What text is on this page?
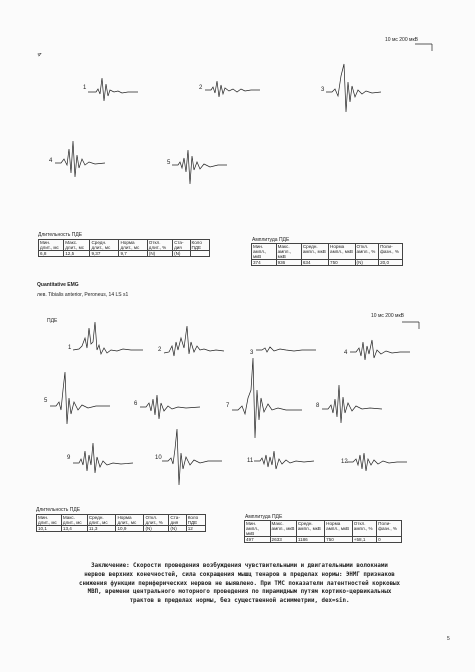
10 мс 200 мкВ
4
1	2	3
4	5
Длительность ПДЕ
Мин. длит., мс	Макс. длит., мс	Средн. длит., мс	Норма длит., мс	Откл. длит., %	Ста- дия	Коло ПДЕ
6,8	12,5	9,37	9,7	(N)	(N)	
Амплитуда ПДЕ
Мин. ампл., мкВ	Макс. ампл., мкВ	Средн. ампл., мкВ	Норма ампл., мкВ	Откл. ампл., %	Поли- фазн., %
374	936	634	750	(N)	20,0
Quantitative EMG
лев. Tibialis anterior, Peroneus, 14 LS s1
ПДЕ
10 мс 200 мкВ
1	2	3	4
5	6	7	8
9	10	11	12
Длительность ПДЕ
Мин. длит., мс	Макс. длит., мс	Средн. длит., мс	Норма длит., мс	Откл. длит., %	Ста- дия	Коло ПДЕ
10,1	13,4	11,3	10,9	(N)	(N)	12
Амплитуда ПДЕ
Мин. ампл., мкВ	Макс. ампл., мкВ	Средн. ампл., мкВ	Норма ампл., мкВ	Откл. ампл., %	Поли- фазн., %
497	2633	1186	750	+58,1	0
Заключение: Скорости проведения возбуждения чувствительными и двигательными волокнами
нервов верхних конечностей, сила сокращения мышц тенаров в пределах нормы: ЭНМГ признаков
снижения функции периферических нервов не выявлено. При ТМС показатели латентностей корковых
МВП, времени центрального моторного проведения по пирамидным путям кортико-цервикальных
трактов в пределах нормы, без существенной асимметрии, dex=sin.
5
